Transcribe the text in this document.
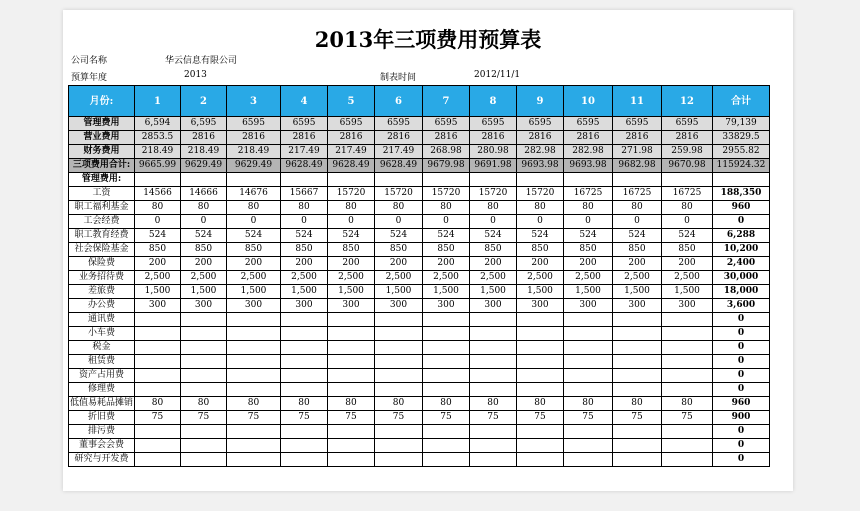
2013年三项费用预算表
公司名称	华云信息有限公司
预算年度	2013	制表时间	2012/11/1
月份:	1	2	3	4	5	6	7	8	9	10	11	12	合计
管理费用	6,594	6,595	6595	6595	6595	6595	6595	6595	6595	6595	6595	6595	79,139
营业费用	2853.5	2816	2816	2816	2816	2816	2816	2816	2816	2816	2816	2816	33829.5
财务费用	218.49	218.49	218.49	217.49	217.49	217.49	268.98	280.98	282.98	282.98	271.98	259.98	2955.82
三项费用合计:	9665.99	9629.49	9629.49	9628.49	9628.49	9628.49	9679.98	9691.98	9693.98	9693.98	9682.98	9670.98	115924.32
管理费用:													
工资	14566	14666	14676	15667	15720	15720	15720	15720	15720	16725	16725	16725	188,350
职工福利基金	80	80	80	80	80	80	80	80	80	80	80	80	960
工会经费	0	0	0	0	0	0	0	0	0	0	0	0	0
职工教育经费	524	524	524	524	524	524	524	524	524	524	524	524	6,288
社会保险基金	850	850	850	850	850	850	850	850	850	850	850	850	10,200
保险费	200	200	200	200	200	200	200	200	200	200	200	200	2,400
业务招待费	2,500	2,500	2,500	2,500	2,500	2,500	2,500	2,500	2,500	2,500	2,500	2,500	30,000
差旅费	1,500	1,500	1,500	1,500	1,500	1,500	1,500	1,500	1,500	1,500	1,500	1,500	18,000
办公费	300	300	300	300	300	300	300	300	300	300	300	300	3,600
通讯费													0
小车费													0
税金													0
租赁费													0
资产占用费													0
修理费													0
低值易耗品摊销	80	80	80	80	80	80	80	80	80	80	80	80	960
折旧费	75	75	75	75	75	75	75	75	75	75	75	75	900
排污费													0
董事会会费													0
研究与开发费													0
